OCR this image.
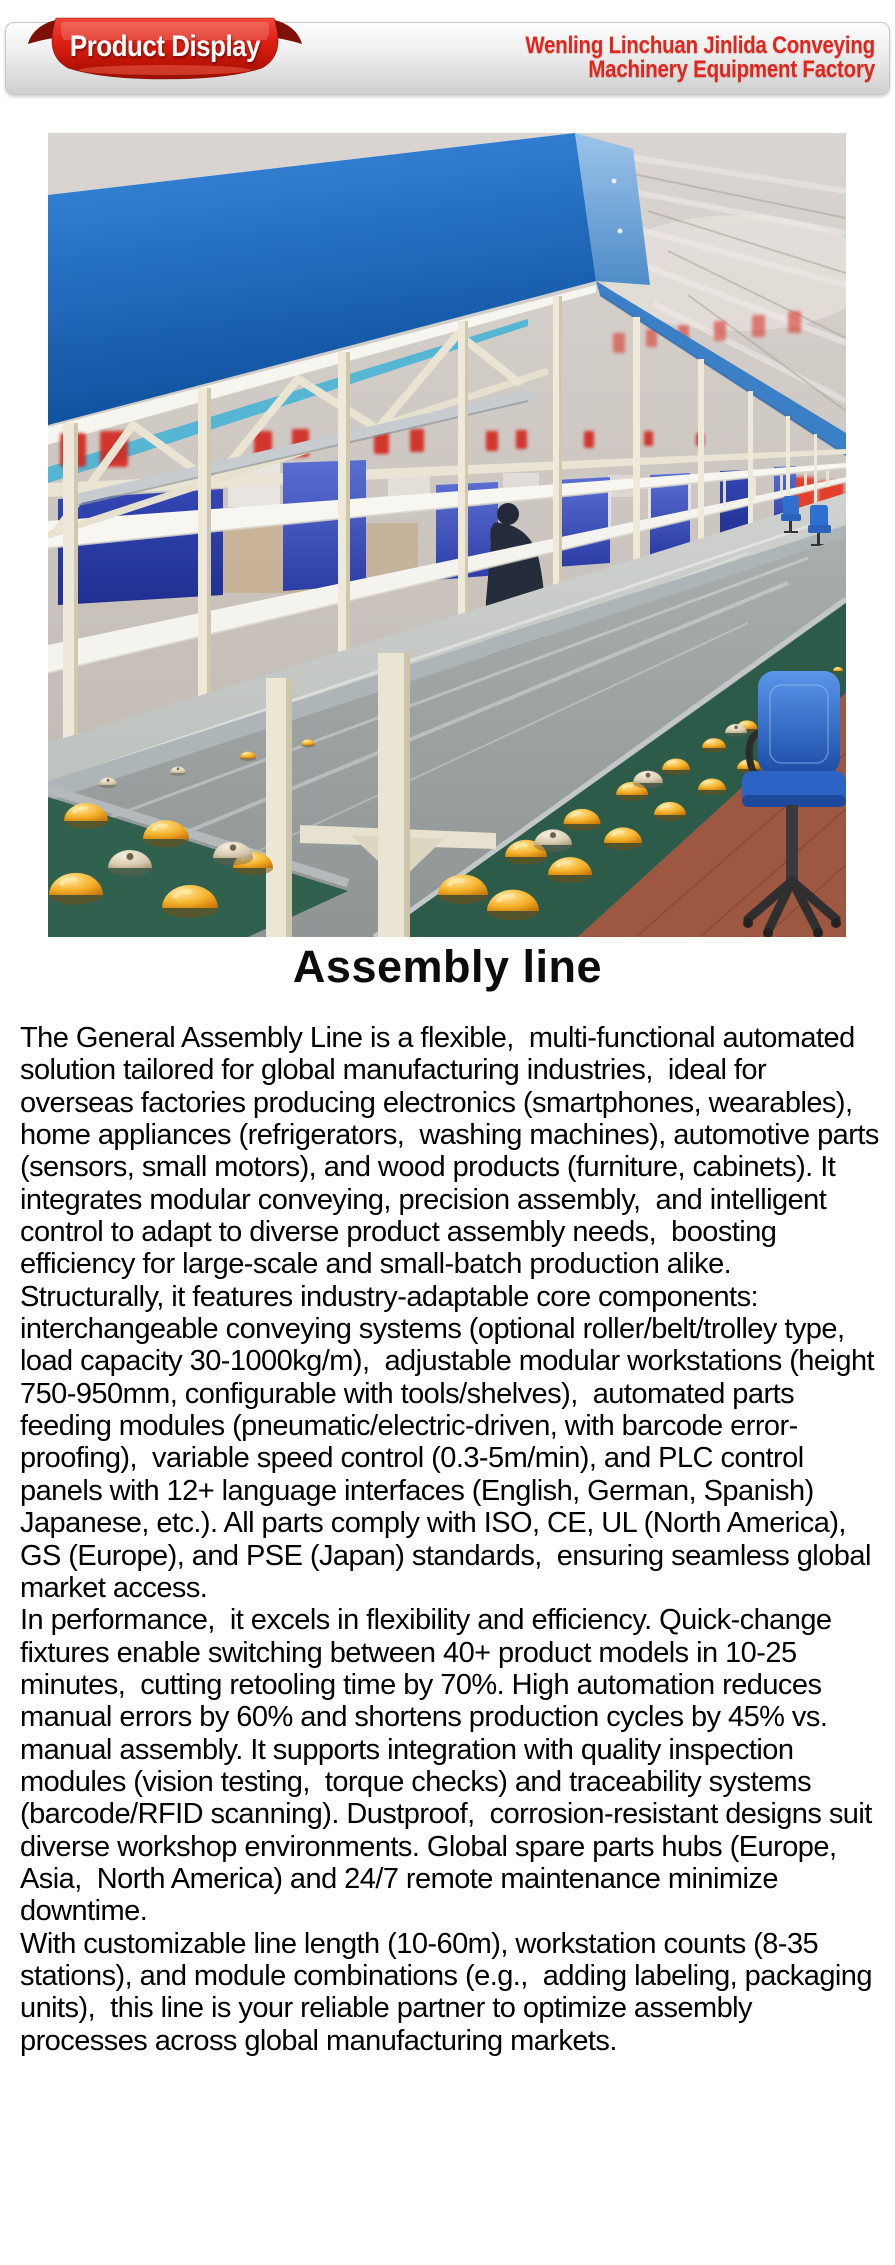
Product Display	Wenling Linchuan Jinlida Conveying
Machinery Equipment Factory
Assembly line

The General Assembly Line is a flexible,  multi-functional automated solution tailored for global manufacturing industries,  ideal for overseas factories producing electronics (smartphones, wearables), home appliances (refrigerators,  washing machines), automotive parts (sensors, small motors), and wood products (furniture, cabinets). It integrates modular conveying, precision assembly,  and intelligent control to adapt to diverse product assembly needs,  boosting efficiency for large-scale and small-batch production alike.

Structurally, it features industry-adaptable core components:  interchangeable conveying systems (optional roller/belt/trolley type, load capacity 30-1000kg/m),  adjustable modular workstations (height 750-950mm, configurable with tools/shelves),  automated parts feeding modules (pneumatic/electric-driven, with barcode error-proofing),  variable speed control (0.3-5m/min), and PLC control panels with 12+ language interfaces (English, German, Spanish) Japanese, etc.). All parts comply with ISO, CE, UL (North America), GS (Europe), and PSE (Japan) standards,  ensuring seamless global market access.

In performance,  it excels in flexibility and efficiency. Quick-change fixtures enable switching between 40+ product models in 10-25  minutes,  cutting retooling time by 70%. High automation reduces manual errors by 60% and shortens production cycles by 45% vs.  manual assembly. It supports integration with quality inspection modules (vision testing,  torque checks) and traceability systems (barcode/RFID scanning). Dustproof,  corrosion-resistant designs suit diverse workshop environments. Global spare parts hubs (Europe, Asia,  North America) and 24/7 remote maintenance minimize downtime.

With customizable line length (10-60m), workstation counts (8-35 stations), and module combinations (e.g.,  adding labeling, packaging units),  this line is your reliable partner to optimize assembly processes across global manufacturing markets.
